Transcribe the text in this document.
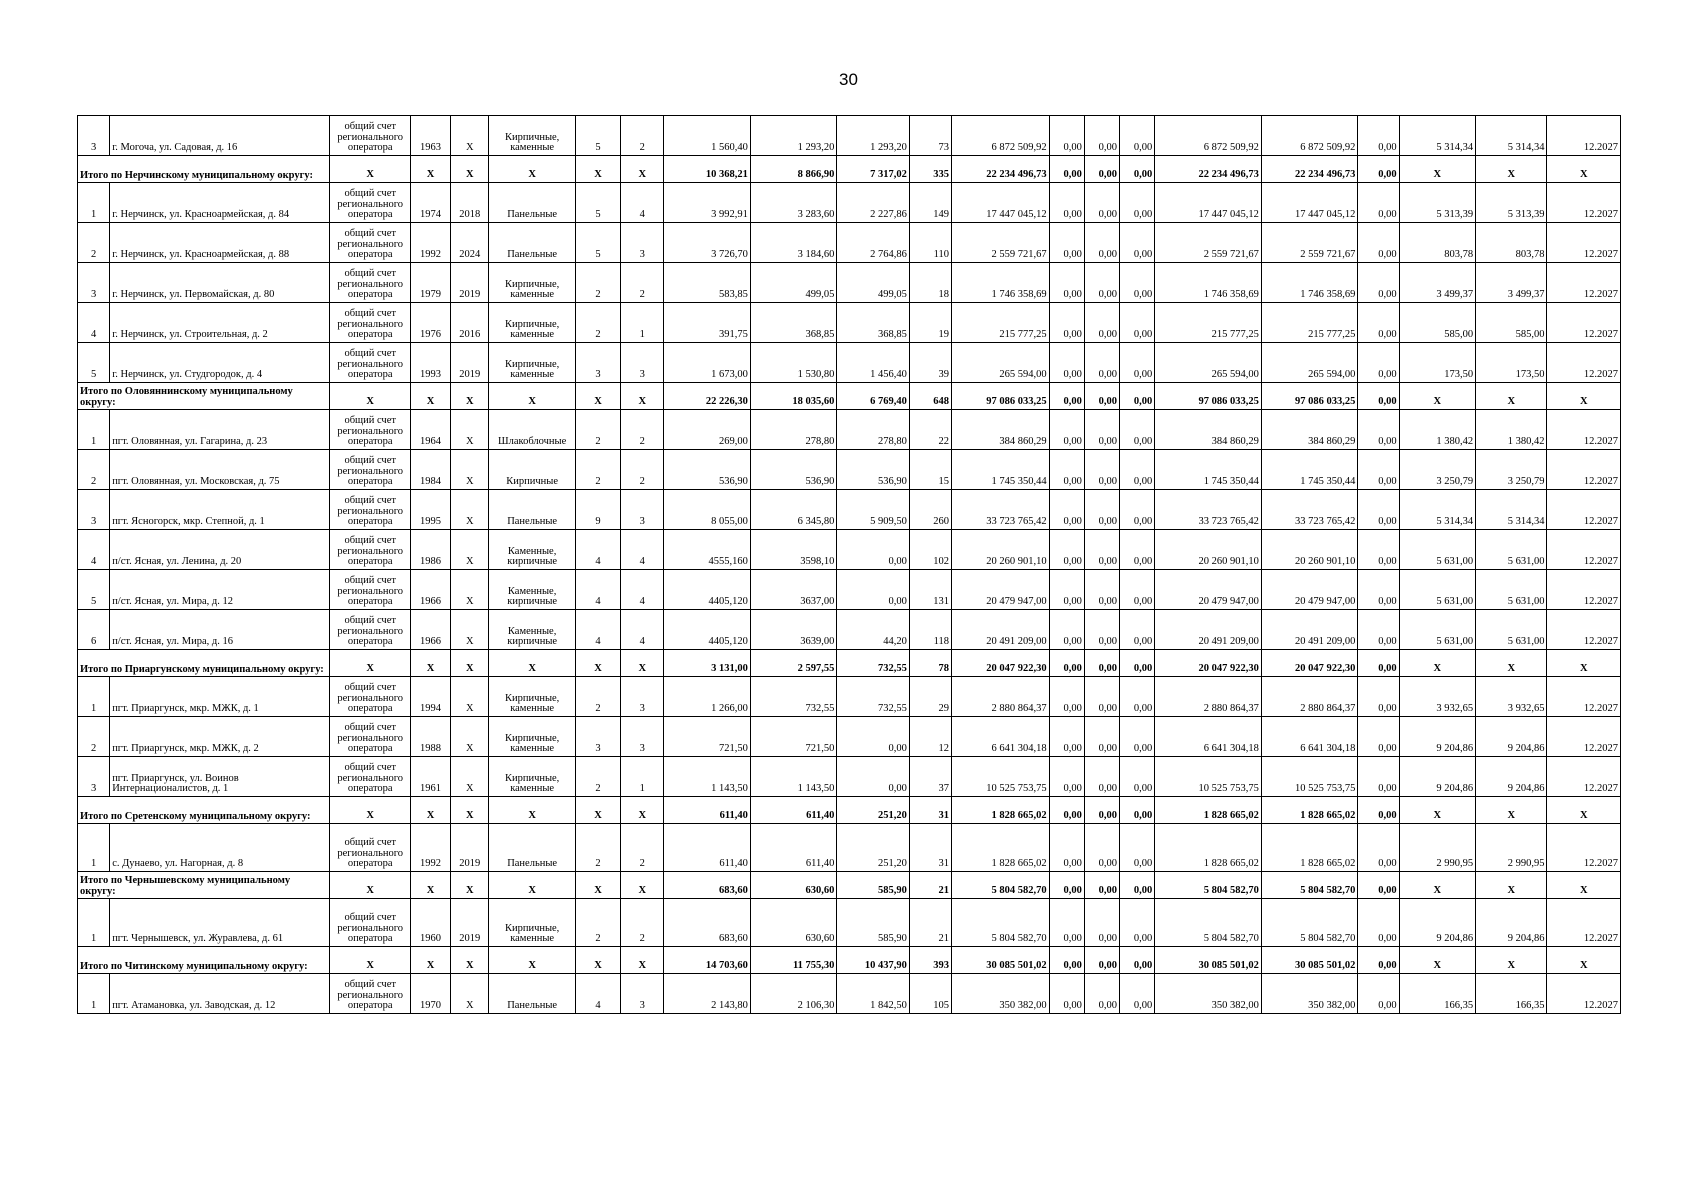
30
3	г. Могоча, ул. Садовая, д. 16	общий счет регионального оператора	1963	Х	Кирпичные, каменные	5	2	1 560,40	1 293,20	1 293,20	73	6 872 509,92	0,00	0,00	0,00	6 872 509,92	6 872 509,92	0,00	5 314,34	5 314,34	12.2027
Итого по Нерчинскому муниципальному округу:		Х	Х	Х	Х	Х	Х	10 368,21	8 866,90	7 317,02	335	22 234 496,73	0,00	0,00	0,00	22 234 496,73	22 234 496,73	0,00	Х	Х	Х
1	г. Нерчинск, ул. Красноармейская, д. 84	общий счет регионального оператора	1974	2018	Панельные	5	4	3 992,91	3 283,60	2 227,86	149	17 447 045,12	0,00	0,00	0,00	17 447 045,12	17 447 045,12	0,00	5 313,39	5 313,39	12.2027
2	г. Нерчинск, ул. Красноармейская, д. 88	общий счет регионального оператора	1992	2024	Панельные	5	3	3 726,70	3 184,60	2 764,86	110	2 559 721,67	0,00	0,00	0,00	2 559 721,67	2 559 721,67	0,00	803,78	803,78	12.2027
3	г. Нерчинск, ул. Первомайская, д. 80	общий счет регионального оператора	1979	2019	Кирпичные, каменные	2	2	583,85	499,05	499,05	18	1 746 358,69	0,00	0,00	0,00	1 746 358,69	1 746 358,69	0,00	3 499,37	3 499,37	12.2027
4	г. Нерчинск, ул. Строительная, д. 2	общий счет регионального оператора	1976	2016	Кирпичные, каменные	2	1	391,75	368,85	368,85	19	215 777,25	0,00	0,00	0,00	215 777,25	215 777,25	0,00	585,00	585,00	12.2027
5	г. Нерчинск, ул. Студгородок, д. 4	общий счет регионального оператора	1993	2019	Кирпичные, каменные	3	3	1 673,00	1 530,80	1 456,40	39	265 594,00	0,00	0,00	0,00	265 594,00	265 594,00	0,00	173,50	173,50	12.2027
Итого по Оловяннинскому муниципальному округу:		Х	Х	Х	Х	Х	Х	22 226,30	18 035,60	6 769,40	648	97 086 033,25	0,00	0,00	0,00	97 086 033,25	97 086 033,25	0,00	Х	Х	Х
1	пгт. Оловянная, ул. Гагарина, д. 23	общий счет регионального оператора	1964	Х	Шлакоблочные	2	2	269,00	278,80	278,80	22	384 860,29	0,00	0,00	0,00	384 860,29	384 860,29	0,00	1 380,42	1 380,42	12.2027
2	пгт. Оловянная, ул. Московская, д. 75	общий счет регионального оператора	1984	Х	Кирпичные	2	2	536,90	536,90	536,90	15	1 745 350,44	0,00	0,00	0,00	1 745 350,44	1 745 350,44	0,00	3 250,79	3 250,79	12.2027
3	пгт. Ясногорск, мкр. Степной, д. 1	общий счет регионального оператора	1995	Х	Панельные	9	3	8 055,00	6 345,80	5 909,50	260	33 723 765,42	0,00	0,00	0,00	33 723 765,42	33 723 765,42	0,00	5 314,34	5 314,34	12.2027
4	п/ст. Ясная, ул. Ленина, д. 20	общий счет регионального оператора	1986	Х	Каменные, кирпичные	4	4	4555,160	3598,10	0,00	102	20 260 901,10	0,00	0,00	0,00	20 260 901,10	20 260 901,10	0,00	5 631,00	5 631,00	12.2027
5	п/ст. Ясная, ул. Мира, д. 12	общий счет регионального оператора	1966	Х	Каменные, кирпичные	4	4	4405,120	3637,00	0,00	131	20 479 947,00	0,00	0,00	0,00	20 479 947,00	20 479 947,00	0,00	5 631,00	5 631,00	12.2027
6	п/ст. Ясная, ул. Мира, д. 16	общий счет регионального оператора	1966	Х	Каменные, кирпичные	4	4	4405,120	3639,00	44,20	118	20 491 209,00	0,00	0,00	0,00	20 491 209,00	20 491 209,00	0,00	5 631,00	5 631,00	12.2027
Итого по Приаргунскому муниципальному округу:		Х	Х	Х	Х	Х	Х	3 131,00	2 597,55	732,55	78	20 047 922,30	0,00	0,00	0,00	20 047 922,30	20 047 922,30	0,00	Х	Х	Х
1	пгт. Приаргунск, мкр. МЖК, д. 1	общий счет регионального оператора	1994	Х	Кирпичные, каменные	2	3	1 266,00	732,55	732,55	29	2 880 864,37	0,00	0,00	0,00	2 880 864,37	2 880 864,37	0,00	3 932,65	3 932,65	12.2027
2	пгт. Приаргунск, мкр. МЖК, д. 2	общий счет регионального оператора	1988	Х	Кирпичные, каменные	3	3	721,50	721,50	0,00	12	6 641 304,18	0,00	0,00	0,00	6 641 304,18	6 641 304,18	0,00	9 204,86	9 204,86	12.2027
3	пгт. Приаргунск, ул. Воинов Интернационалистов, д. 1	общий счет регионального оператора	1961	Х	Кирпичные, каменные	2	1	1 143,50	1 143,50	0,00	37	10 525 753,75	0,00	0,00	0,00	10 525 753,75	10 525 753,75	0,00	9 204,86	9 204,86	12.2027
Итого по Сретенскому муниципальному округу:		Х	Х	Х	Х	Х	Х	611,40	611,40	251,20	31	1 828 665,02	0,00	0,00	0,00	1 828 665,02	1 828 665,02	0,00	Х	Х	Х
1	с. Дунаево, ул. Нагорная, д. 8	общий счет регионального оператора	1992	2019	Панельные	2	2	611,40	611,40	251,20	31	1 828 665,02	0,00	0,00	0,00	1 828 665,02	1 828 665,02	0,00	2 990,95	2 990,95	12.2027
Итого по Чернышевскому муниципальному округу:		Х	Х	Х	Х	Х	Х	683,60	630,60	585,90	21	5 804 582,70	0,00	0,00	0,00	5 804 582,70	5 804 582,70	0,00	Х	Х	Х
1	пгт. Чернышевск, ул. Журавлева, д. 61	общий счет регионального оператора	1960	2019	Кирпичные, каменные	2	2	683,60	630,60	585,90	21	5 804 582,70	0,00	0,00	0,00	5 804 582,70	5 804 582,70	0,00	9 204,86	9 204,86	12.2027
Итого по Читинскому муниципальному округу:		Х	Х	Х	Х	Х	Х	14 703,60	11 755,30	10 437,90	393	30 085 501,02	0,00	0,00	0,00	30 085 501,02	30 085 501,02	0,00	Х	Х	Х
1	пгт. Атамановка, ул. Заводская, д. 12	общий счет регионального оператора	1970	Х	Панельные	4	3	2 143,80	2 106,30	1 842,50	105	350 382,00	0,00	0,00	0,00	350 382,00	350 382,00	0,00	166,35	166,35	12.2027
